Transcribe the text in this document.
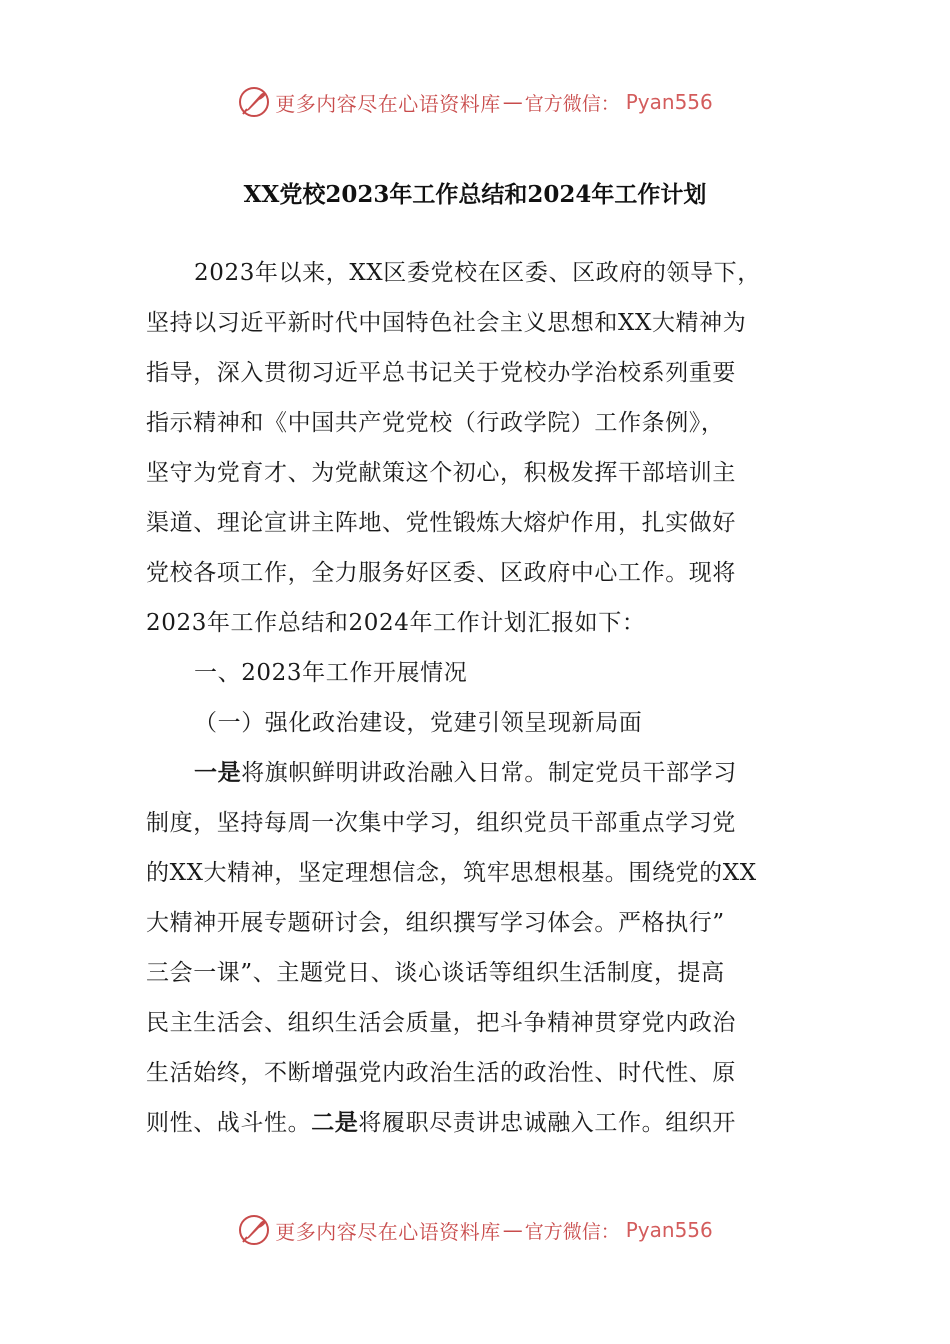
更多内容尽在心语资料库 — 官方微信： Pyan556
XX党校2023年工作总结和2024年工作计划
2023年以来，XX区委党校在区委、区政府的领导下，
坚持以习近平新时代中国特色社会主义思想和XX大精神为
指导，深入贯彻习近平总书记关于党校办学治校系列重要
指示精神和《中国共产党党校（行政学院）工作条例》，
坚守为党育才、为党献策这个初心，积极发挥干部培训主
渠道、理论宣讲主阵地、党性锻炼大熔炉作用，扎实做好
党校各项工作，全力服务好区委、区政府中心工作。现将
2023年工作总结和2024年工作计划汇报如下：
一、2023年工作开展情况
（一）强化政治建设，党建引领呈现新局面
一是将旗帜鲜明讲政治融入日常。制定党员干部学习
制度，坚持每周一次集中学习，组织党员干部重点学习党
的XX大精神，坚定理想信念，筑牢思想根基。围绕党的XX
大精神开展专题研讨会，组织撰写学习体会。严格执行”
三会一课”、主题党日、谈心谈话等组织生活制度，提高
民主生活会、组织生活会质量，把斗争精神贯穿党内政治
生活始终，不断增强党内政治生活的政治性、时代性、原
则性、战斗性。二是将履职尽责讲忠诚融入工作。组织开
更多内容尽在心语资料库 — 官方微信： Pyan556
